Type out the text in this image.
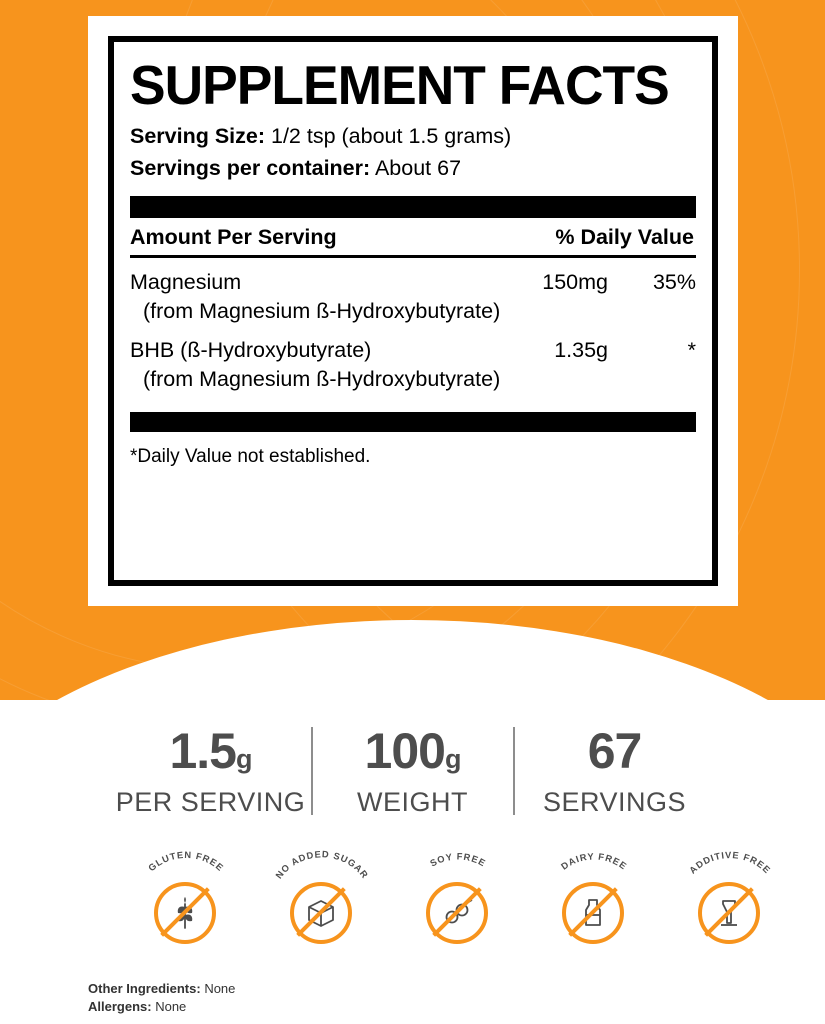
SUPPLEMENT FACTS
Serving Size: 1/2 tsp (about 1.5 grams)
Servings per container: About 67
Amount Per Serving	% Daily Value
Magnesium	150mg	35%
(from Magnesium ß-Hydroxybutyrate)
BHB (ß-Hydroxybutyrate)	1.35g	*
(from Magnesium ß-Hydroxybutyrate)
*Daily Value not established.
1.5g
PER SERVING
100g
WEIGHT
67
SERVINGS
GLUTEN FREE
NO ADDED SUGAR
SOY FREE	DAIRY FREE	ADDITIVE FREE
Other Ingredients: None
Allergens: None
